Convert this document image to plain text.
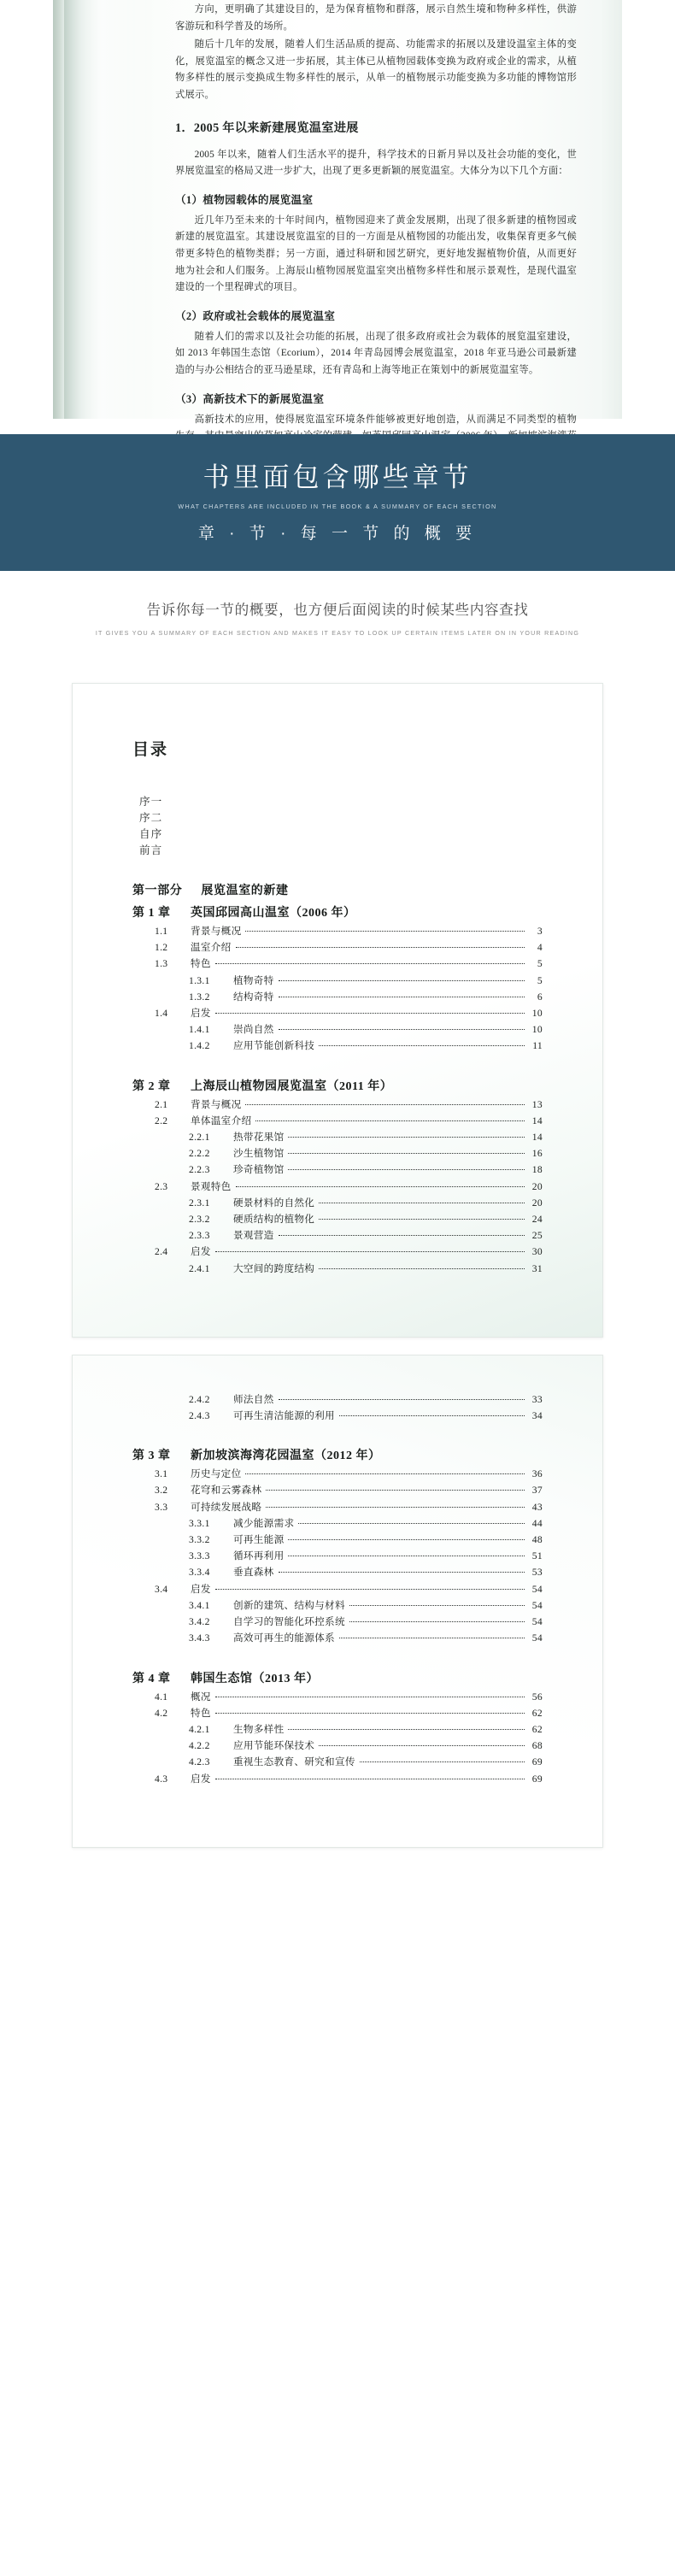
方向，更明确了其建设目的，是为保育植物和群落，展示自然生境和物种多样性，供游客游玩和科学普及的场所。

随后十几年的发展，随着人们生活品质的提高、功能需求的拓展以及建设温室主体的变化，展览温室的概念又进一步拓展，其主体已从植物园载体变换为政府或企业的需求，从植物多样性的展示变换成生物多样性的展示，从单一的植物展示功能变换为多功能的博物馆形式展示。

1．2005 年以来新建展览温室进展

2005 年以来，随着人们生活水平的提升，科学技术的日新月异以及社会功能的变化，世界展览温室的格局又进一步扩大，出现了更多更新颖的展览温室。大体分为以下几个方面：

（1）植物园载体的展览温室

近几年乃至未来的十年时间内，植物园迎来了黄金发展期，出现了很多新建的植物园或新建的展览温室。其建设展览温室的目的一方面是从植物园的功能出发，收集保育更多气候带更多特色的植物类群；另一方面，通过科研和园艺研究，更好地发掘植物价值，从而更好地为社会和人们服务。上海辰山植物园展览温室突出植物多样性和展示景观性，是现代温室建设的一个里程碑式的项目。

（2）政府或社会载体的展览温室

随着人们的需求以及社会功能的拓展，出现了很多政府或社会为载体的展览温室建设，如 2013 年韩国生态馆（Ecorium），2014 年青岛园博会展览温室，2018 年亚马逊公司最新建造的与办公相结合的亚马逊星球，还有青岛和上海等地正在策划中的新展览温室等。

（3）高新技术下的新展览温室

高新技术的应用，使得展览温室环境条件能够被更好地创造，从而满足不同类型的植物

书里面包含哪些章节
WHAT CHAPTERS ARE INCLUDED IN THE BOOK & A SUMMARY OF EACH SECTION
章 · 节 · 每 一 节 的 概 要
告诉你每一节的概要，也方便后面阅读的时候某些内容查找
IT GIVES YOU A SUMMARY OF EACH SECTION AND MAKES IT EASY TO LOOK UP CERTAIN ITEMS LATER ON IN YOUR READING
目录
序一
序二
自序
前言
第一部分 展览温室的新建
第 1 章	英国邱园高山温室（2006 年）
1.1	背景与概况	3
1.2	温室介绍	4
1.3	特色	5
1.3.1	植物奇特	5
1.3.2	结构奇特	6
1.4	启发	10
1.4.1	崇尚自然	10
1.4.2	应用节能创新科技	11
第 2 章	上海辰山植物园展览温室（2011 年）
2.1	背景与概况	13
2.2	单体温室介绍	14
2.2.1	热带花果馆	14
2.2.2	沙生植物馆	16
2.2.3	珍奇植物馆	18
2.3	景观特色	20
2.3.1	硬景材料的自然化	20
2.3.2	硬质结构的植物化	24
2.3.3	景观营造	25
2.4	启发	30
2.4.1	大空间的跨度结构	31
2.4.2	师法自然	33
2.4.3	可再生清洁能源的利用	34
第 3 章	新加坡滨海湾花园温室（2012 年）
3.1	历史与定位	36
3.2	花穹和云雾森林	37
3.3	可持续发展战略	43
3.3.1	减少能源需求	44
3.3.2	可再生能源	48
3.3.3	循环再利用	51
3.3.4	垂直森林	53
3.4	启发	54
3.4.1	创新的建筑、结构与材料	54
3.4.2	自学习的智能化环控系统	54
3.4.3	高效可再生的能源体系	54
第 4 章	韩国生态馆（2013 年）
4.1	概况	56
4.2	特色	62
4.2.1	生物多样性	62
4.2.2	应用节能环保技术	68
4.2.3	重视生态教育、研究和宣传	69
4.3	启发	69
